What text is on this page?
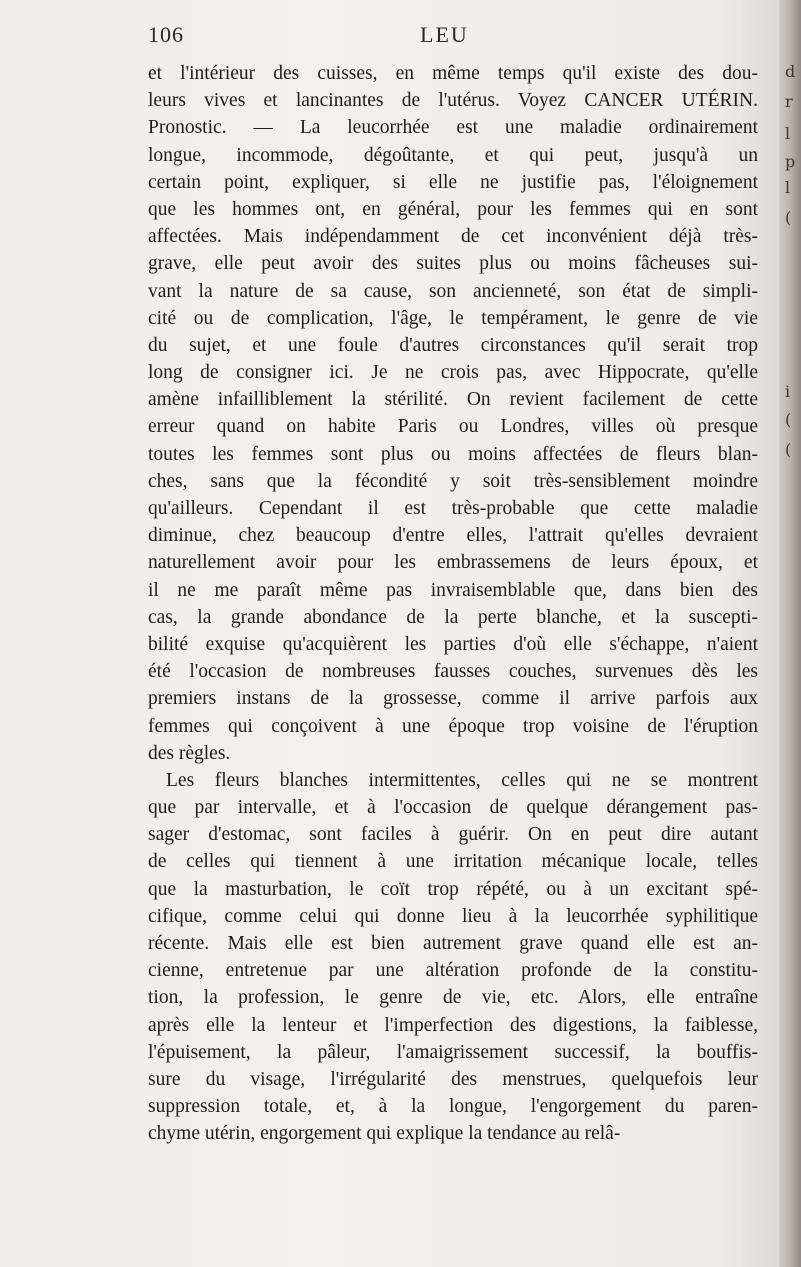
106	LEU
et l'intérieur des cuisses, en même temps qu'il existe des dou-
leurs vives et lancinantes de l'utérus. Voyez CANCER UTÉRIN.
Pronostic. — La leucorrhée est une maladie ordinairement
longue, incommode, dégoûtante, et qui peut, jusqu'à un
certain point, expliquer, si elle ne justifie pas, l'éloignement
que les hommes ont, en général, pour les femmes qui en sont
affectées. Mais indépendamment de cet inconvénient déjà très-
grave, elle peut avoir des suites plus ou moins fâcheuses sui-
vant la nature de sa cause, son ancienneté, son état de simpli-
cité ou de complication, l'âge, le tempérament, le genre de vie
du sujet, et une foule d'autres circonstances qu'il serait trop
long de consigner ici. Je ne crois pas, avec Hippocrate, qu'elle
amène infailliblement la stérilité. On revient facilement de cette
erreur quand on habite Paris ou Londres, villes où presque
toutes les femmes sont plus ou moins affectées de fleurs blan-
ches, sans que la fécondité y soit très-sensiblement moindre
qu'ailleurs. Cependant il est très-probable que cette maladie
diminue, chez beaucoup d'entre elles, l'attrait qu'elles devraient
naturellement avoir pour les embrassemens de leurs époux, et
il ne me paraît même pas invraisemblable que, dans bien des
cas, la grande abondance de la perte blanche, et la suscepti-
bilité exquise qu'acquièrent les parties d'où elle s'échappe, n'aient
été l'occasion de nombreuses fausses couches, survenues dès les
premiers instans de la grossesse, comme il arrive parfois aux
femmes qui conçoivent à une époque trop voisine de l'éruption
des règles.
Les fleurs blanches intermittentes, celles qui ne se montrent
que par intervalle, et à l'occasion de quelque dérangement pas-
sager d'estomac, sont faciles à guérir. On en peut dire autant
de celles qui tiennent à une irritation mécanique locale, telles
que la masturbation, le coït trop répété, ou à un excitant spé-
cifique, comme celui qui donne lieu à la leucorrhée syphilitique
récente. Mais elle est bien autrement grave quand elle est an-
cienne, entretenue par une altération profonde de la constitu-
tion, la profession, le genre de vie, etc. Alors, elle entraîne
après elle la lenteur et l'imperfection des digestions, la faiblesse,
l'épuisement, la pâleur, l'amaigrissement successif, la bouffis-
sure du visage, l'irrégularité des menstrues, quelquefois leur
suppression totale, et, à la longue, l'engorgement du paren-
chyme utérin, engorgement qui explique la tendance au relâ-
d
r
l
p
l
(
i
(
(
